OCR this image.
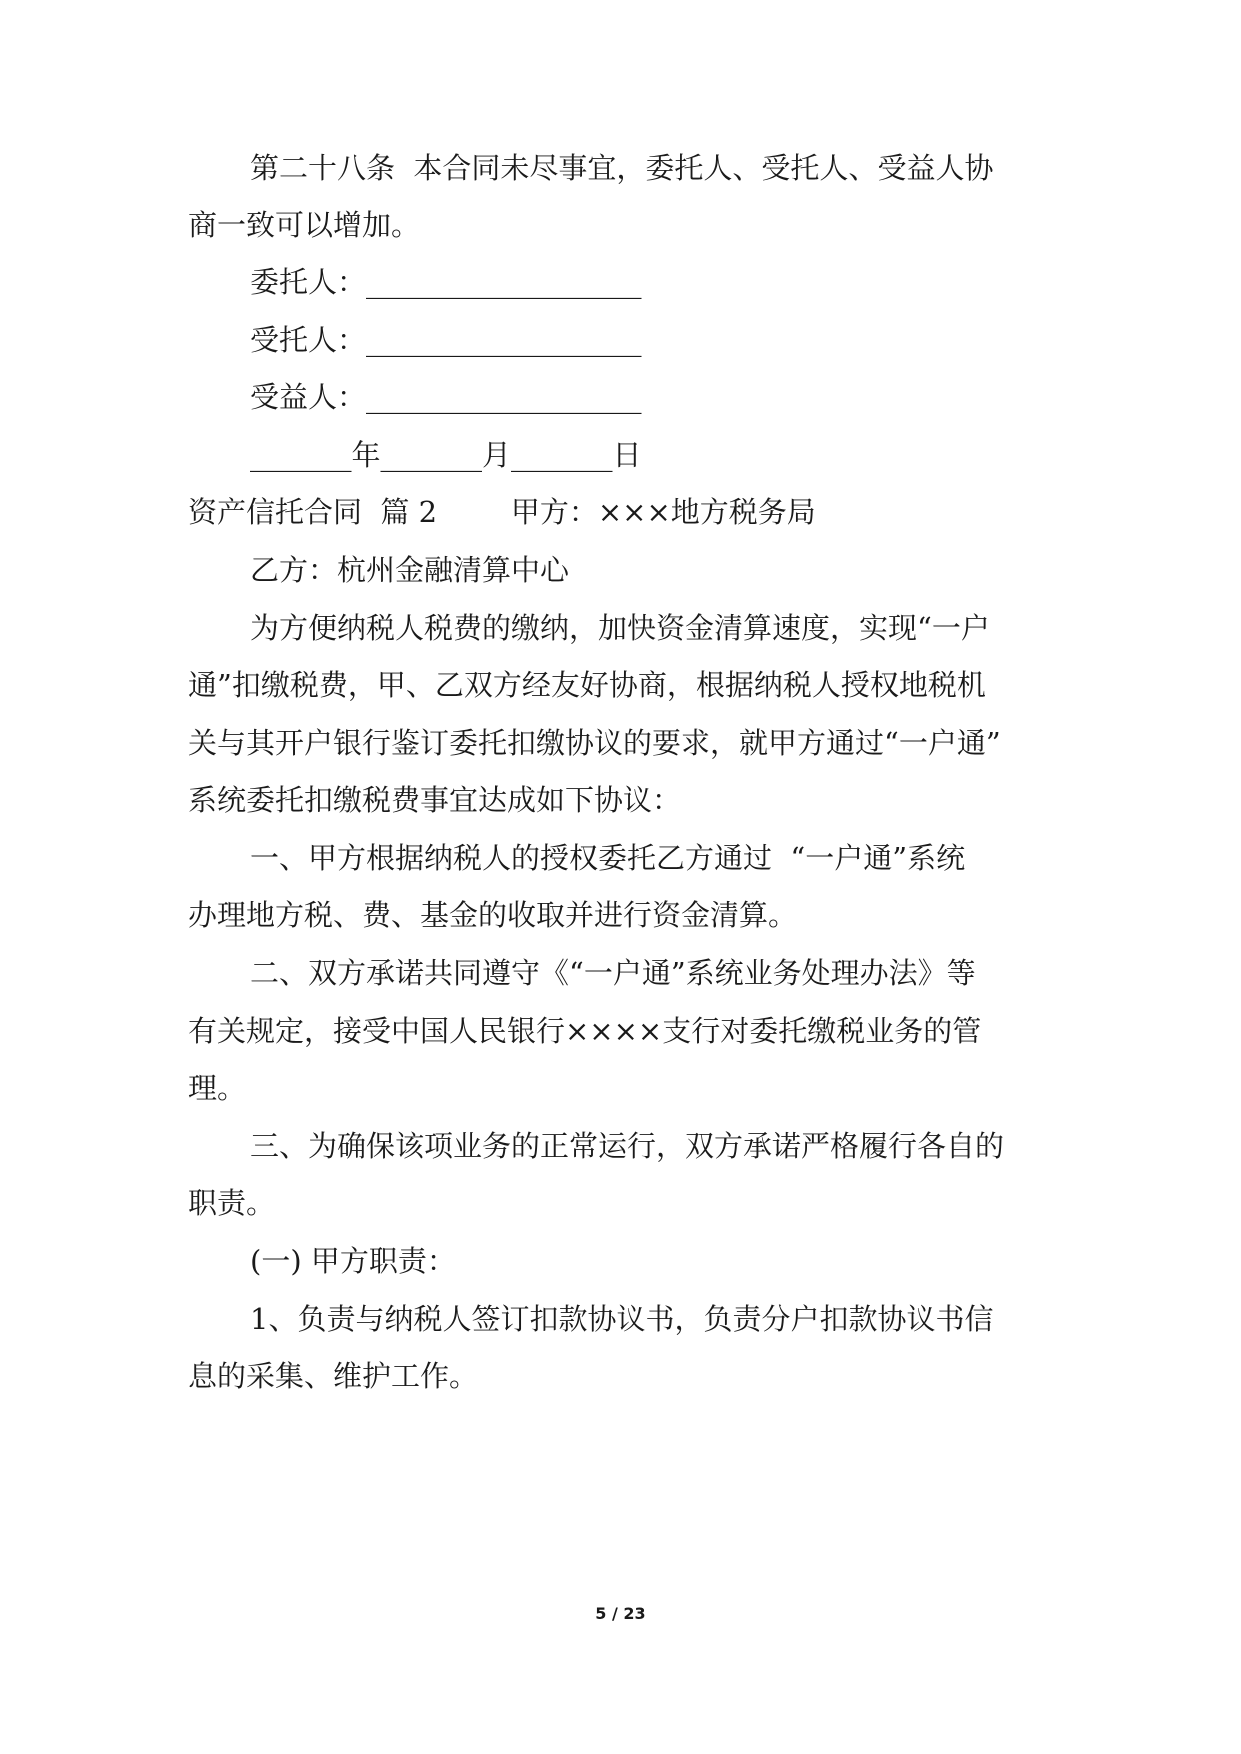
第二十八条  本合同未尽事宜，委托人、受托人、受益人协
商一致可以增加。
委托人：___________________
受托人：___________________
受益人：___________________
_______年_______月_______日
资产信托合同  篇 2        甲方：×××地方税务局
乙方：杭州金融清算中心
为方便纳税人税费的缴纳，加快资金清算速度，实现“一户
通”扣缴税费，甲、乙双方经友好协商，根据纳税人授权地税机
关与其开户银行鉴订委托扣缴协议的要求，就甲方通过“一户通”
系统委托扣缴税费事宜达成如下协议：
一、甲方根据纳税人的授权委托乙方通过  “一户通”系统
办理地方税、费、基金的收取并进行资金清算。
二、双方承诺共同遵守《“一户通”系统业务处理办法》等
有关规定，接受中国人民银行××××支行对委托缴税业务的管
理。
三、为确保该项业务的正常运行，双方承诺严格履行各自的
职责。
(一) 甲方职责：
1、负责与纳税人签订扣款协议书，负责分户扣款协议书信
息的采集、维护工作。
5 / 23
